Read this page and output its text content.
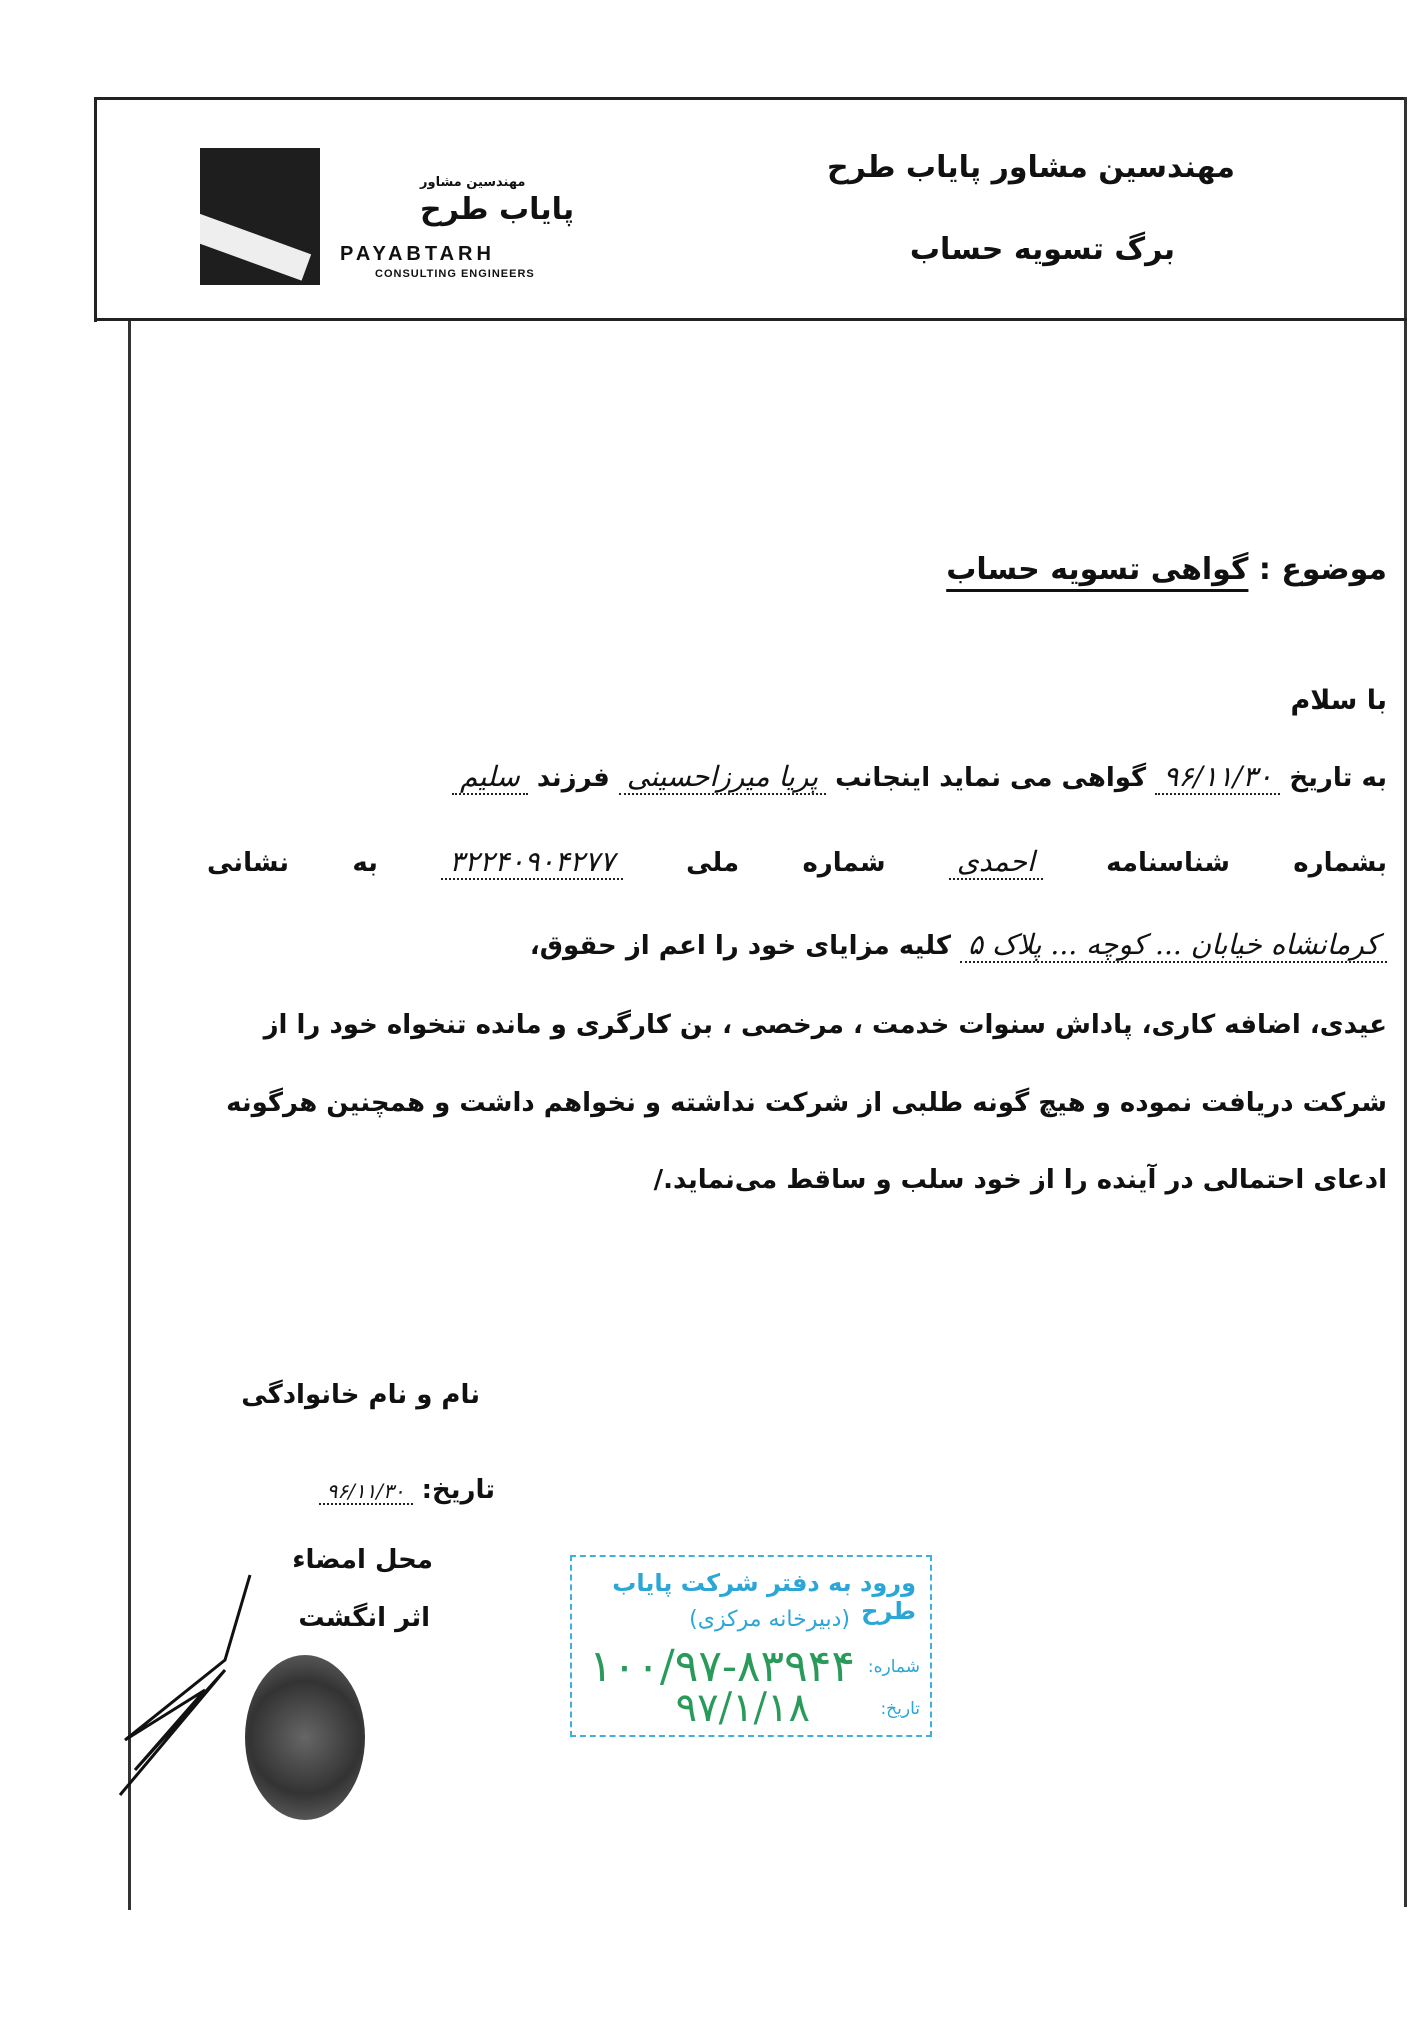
مهندسین مشاور
پایاب طرح
PAYABTARH
CONSULTING ENGINEERS
مهندسین مشاور پایاب طرح
برگ تسویه حساب
موضوع : گواهی تسویه حساب
با سلام
به تاریخ ۹۶/۱۱/۳۰ گواهی می نماید اینجانب پریا میرزاحسینی فرزند سلیم
بشماره شناسنامه احمدی شماره ملی ۳۲۲۴۰۹۰۴۲۷۷ به نشانی
کرمانشاه خیابان ... کوچه ... پلاک ۵ کلیه مزایای خود را اعم از حقوق،
عیدی، اضافه کاری، پاداش سنوات خدمت ، مرخصی ، بن کارگری و مانده تنخواه خود را از
شرکت دریافت نموده و هیچ گونه طلبی از شرکت نداشته و نخواهم داشت و همچنین هرگونه
ادعای احتمالی در آینده را از خود سلب و ساقط می‌نماید./
نام و نام خانوادگی
تاریخ: ۹۶/۱۱/۳۰
محل امضاء
اثر انگشت
ورود به دفتر شرکت پایاب طرح
(دبیرخانه مرکزی)
شماره:
۱۰۰/۹۷-۸۳۹۴۴
تاریخ:
۹۷/۱/۱۸
